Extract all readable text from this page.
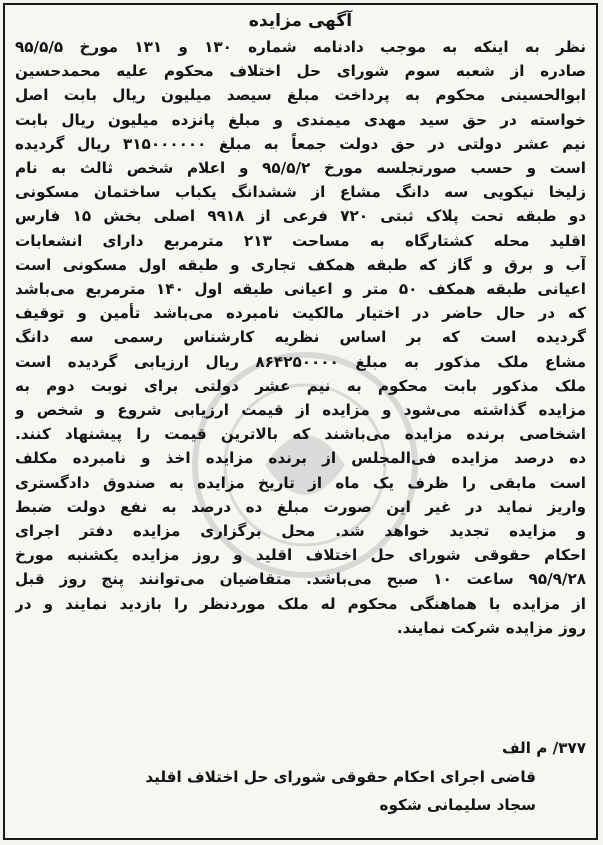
آگهی مزایده
نظر به اینکه به موجب دادنامه شماره ۱۳۰ و ۱۳۱ مورخ ۹۵/۵/۵
صادره از شعبه سوم شورای حل اختلاف محکوم علیه محمدحسین
ابوالحسینی محکوم به پرداخت مبلغ سیصد میلیون ریال بابت اصل
خواسته در حق سید مهدی میمندی و مبلغ پانزده میلیون ریال بابت
نیم عشر دولتی در حق دولت جمعاً به مبلغ ۳۱۵۰۰۰۰۰۰ ریال گردیده
است و حسب صورتجلسه مورخ ۹۵/۵/۲ و اعلام شخص ثالث به نام
زلیخا نیکویی سه دانگ مشاع از ششدانگ یکباب ساختمان مسکونی
دو طبقه تحت پلاک ثبتی ۷۲۰ فرعی از ۹۹۱۸ اصلی بخش ۱۵ فارس
اقلید محله کشتارگاه به مساحت ۲۱۳ مترمربع دارای انشعابات
آب و برق و گاز که طبقه همکف تجاری و طبقه اول مسکونی است
اعیانی طبقه همکف ۵۰ متر و اعیانی طبقه اول ۱۴۰ مترمربع می‌باشد
که در حال حاضر در اختیار مالکیت نامبرده می‌باشد تأمین و توقیف
گردیده است که بر اساس نظریه کارشناس رسمی سه دانگ
مشاع ملک مذکور به مبلغ ۸۶۴۲۵۰۰۰۰ ریال ارزیابی گردیده است
ملک مذکور بابت محکوم به نیم عشر دولتی برای نوبت دوم به
مزایده گذاشته می‌شود و مزایده از قیمت ارزیابی شروع و شخص و
اشخاصی برنده مزایده می‌باشند که بالاترین قیمت را پیشنهاد کنند.
ده درصد مزایده فی‌المجلس از برنده مزایده اخذ و نامبرده مکلف
است مابقی را ظرف یک ماه از تاریخ مزایده به صندوق دادگستری
واریز نماید در غیر این صورت مبلغ ده درصد به نفع دولت ضبط
و مزایده تجدید خواهد شد. محل برگزاری مزایده دفتر اجرای
احکام حقوقی شورای حل اختلاف اقلید و روز مزایده یکشنبه مورخ
۹۵/۹/۲۸ ساعت ۱۰ صبح می‌باشد. متقاضیان می‌توانند پنج روز قبل
از مزایده با هماهنگی محکوم له ملک موردنظر را بازدید نمایند و در
روز مزایده شرکت نمایند.
۳۷۷/ م الف
قاضی اجرای احکام حقوقی شورای حل اختلاف اقلید
سجاد سلیمانی شکوه
